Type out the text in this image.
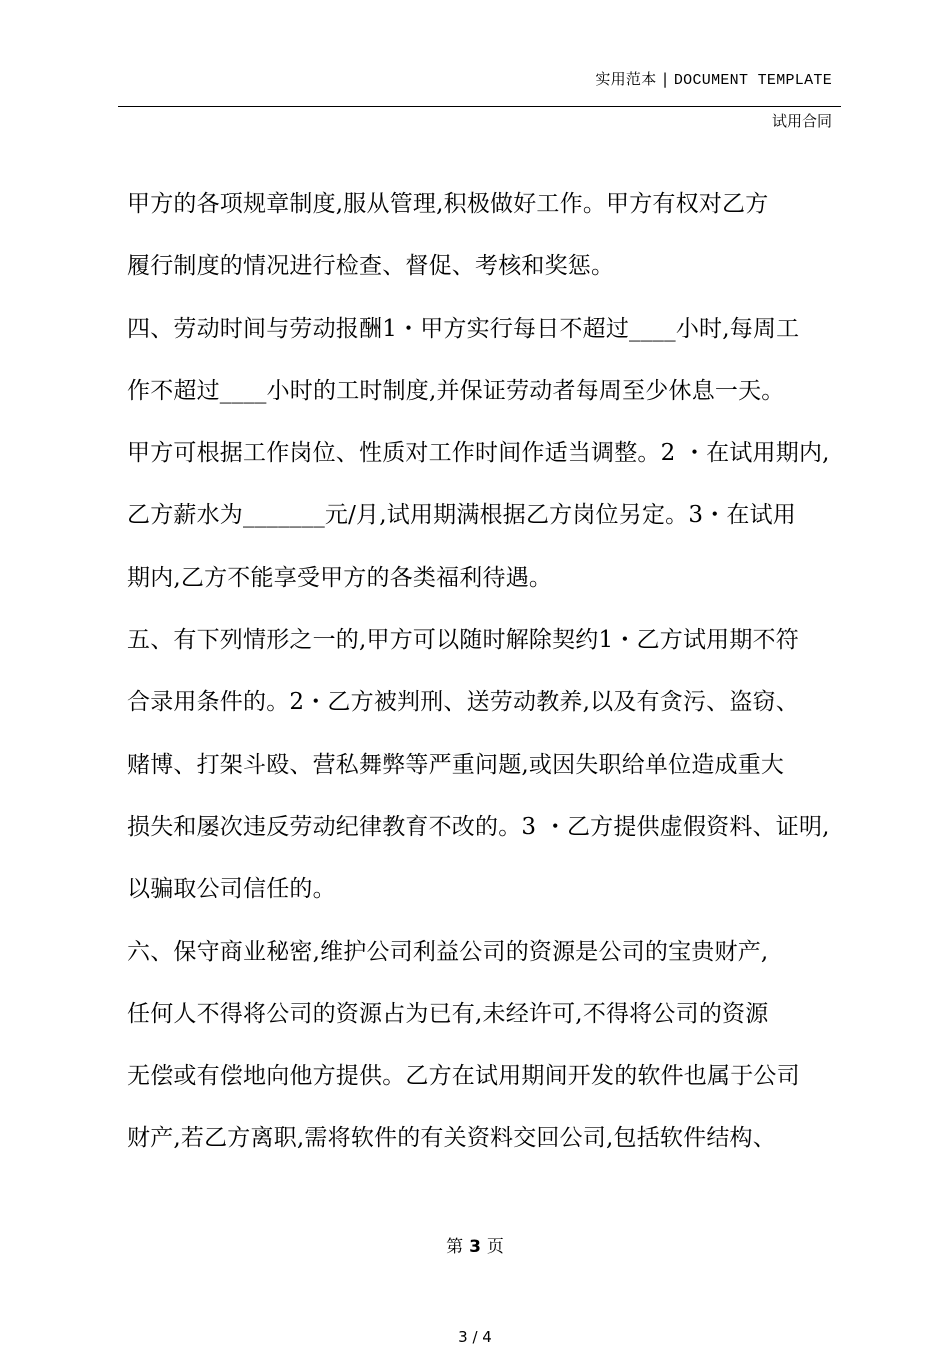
实用范本 | DOCUMENT TEMPLATE
试用合同
甲方的各项规章制度,服从管理,积极做好工作。甲方有权对乙方
履行制度的情况进行检查、督促、考核和奖惩。
四、劳动时间与劳动报酬1・甲方实行每日不超过____小时,每周工
作不超过____小时的工时制度,并保证劳动者每周至少休息一天。
甲方可根据工作岗位、性质对工作时间作适当调整。2 ・在试用期内,
乙方薪水为_______元/月,试用期满根据乙方岗位另定。3・在试用
期内,乙方不能享受甲方的各类福利待遇。
五、有下列情形之一的,甲方可以随时解除契约1・乙方试用期不符
合录用条件的。2・乙方被判刑、送劳动教养,以及有贪污、盗窃、
赌博、打架斗殴、营私舞弊等严重问题,或因失职给单位造成重大
损失和屡次违反劳动纪律教育不改的。3 ・乙方提供虚假资料、证明,
以骗取公司信任的。
六、保守商业秘密,维护公司利益公司的资源是公司的宝贵财产,
任何人不得将公司的资源占为已有,未经许可,不得将公司的资源
无偿或有偿地向他方提供。乙方在试用期间开发的软件也属于公司
财产,若乙方离职,需将软件的有关资料交回公司,包括软件结构、
第 3 页
3 / 4
